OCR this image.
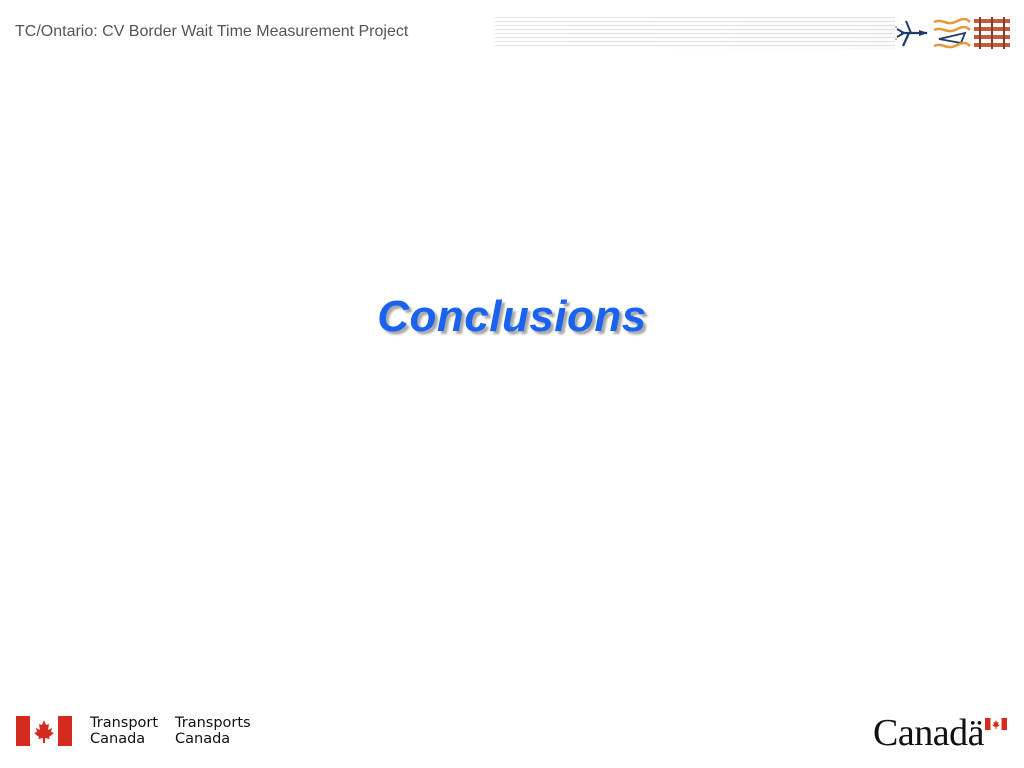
TC/Ontario: CV Border Wait Time Measurement Project
Conclusions
Transport
Canada
Transports
Canada	Canadä
